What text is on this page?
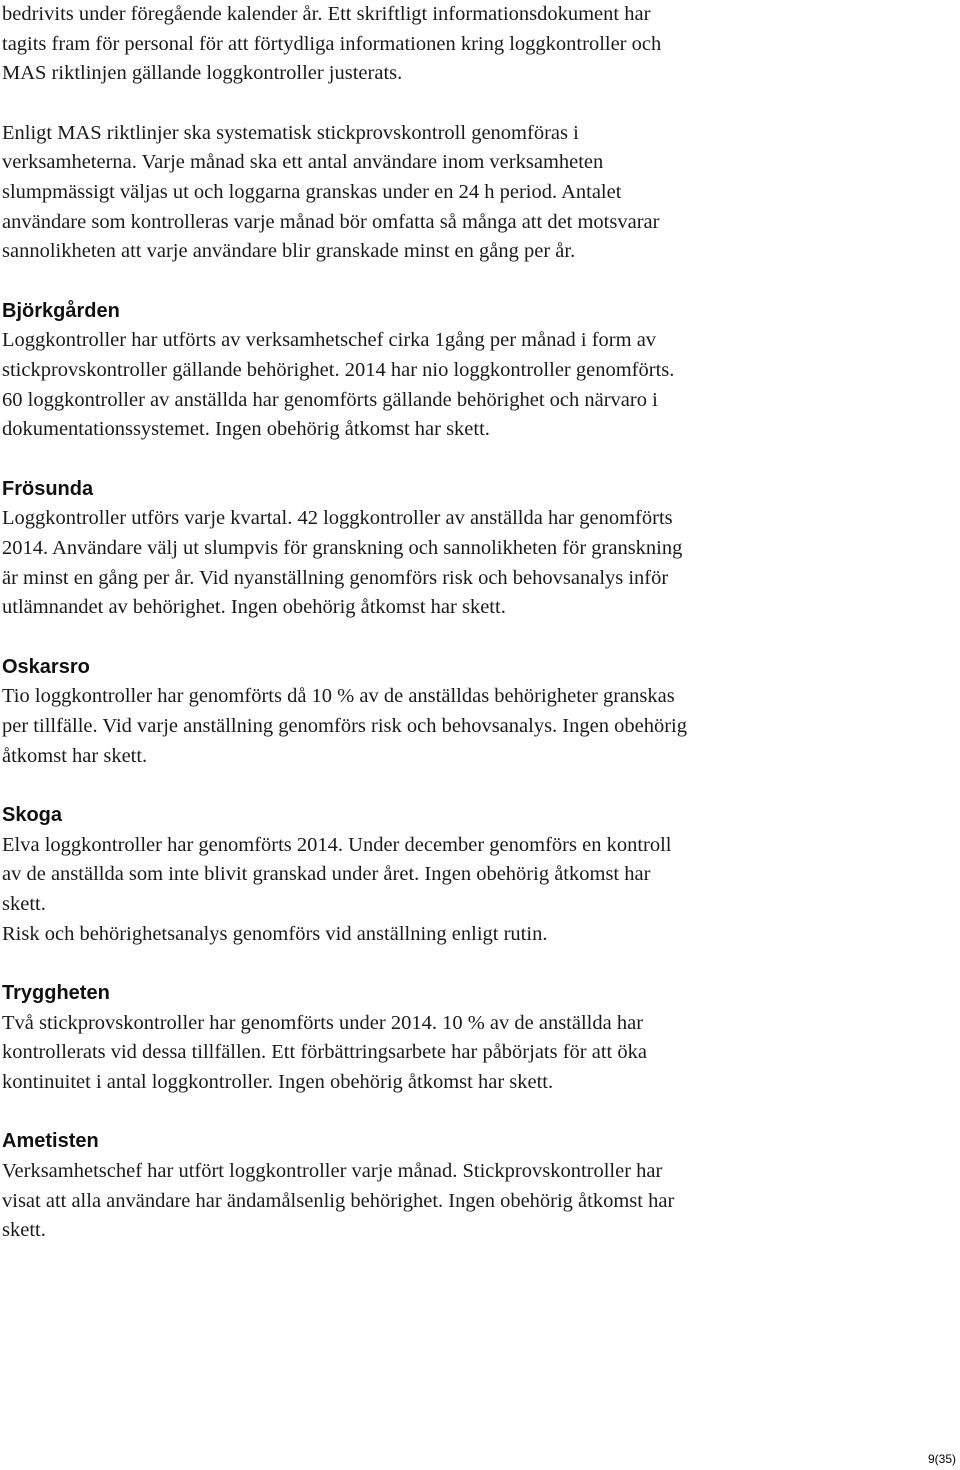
bedrivits under föregående kalender år. Ett skriftligt informationsdokument har
tagits fram för personal för att förtydliga informationen kring loggkontroller och
MAS riktlinjen gällande loggkontroller justerats.

Enligt MAS riktlinjer ska systematisk stickprovskontroll genomföras i
verksamheterna. Varje månad ska ett antal användare inom verksamheten
slumpmässigt väljas ut och loggarna granskas under en 24 h period. Antalet
användare som kontrolleras varje månad bör omfatta så många att det motsvarar
sannolikheten att varje användare blir granskade minst en gång per år.

Björkgården

Loggkontroller har utförts av verksamhetschef cirka 1gång per månad i form av
stickprovskontroller gällande behörighet. 2014 har nio loggkontroller genomförts.
60 loggkontroller av anställda har genomförts gällande behörighet och närvaro i
dokumentationssystemet. Ingen obehörig åtkomst har skett.

Frösunda

Loggkontroller utförs varje kvartal. 42 loggkontroller av anställda har genomförts
2014. Användare välj ut slumpvis för granskning och sannolikheten för granskning
är minst en gång per år. Vid nyanställning genomförs risk och behovsanalys inför
utlämnandet av behörighet. Ingen obehörig åtkomst har skett.

Oskarsro

Tio loggkontroller har genomförts då 10 % av de anställdas behörigheter granskas
per tillfälle. Vid varje anställning genomförs risk och behovsanalys. Ingen obehörig
åtkomst har skett.

Skoga

Elva loggkontroller har genomförts 2014. Under december genomförs en kontroll
av de anställda som inte blivit granskad under året. Ingen obehörig åtkomst har
skett.
Risk och behörighetsanalys genomförs vid anställning enligt rutin.

Tryggheten

Två stickprovskontroller har genomförts under 2014. 10 % av de anställda har
kontrollerats vid dessa tillfällen. Ett förbättringsarbete har påbörjats för att öka
kontinuitet i antal loggkontroller. Ingen obehörig åtkomst har skett.

Ametisten

Verksamhetschef har utfört loggkontroller varje månad. Stickprovskontroller har
visat att alla användare har ändamålsenlig behörighet. Ingen obehörig åtkomst har
skett.

9(35)
